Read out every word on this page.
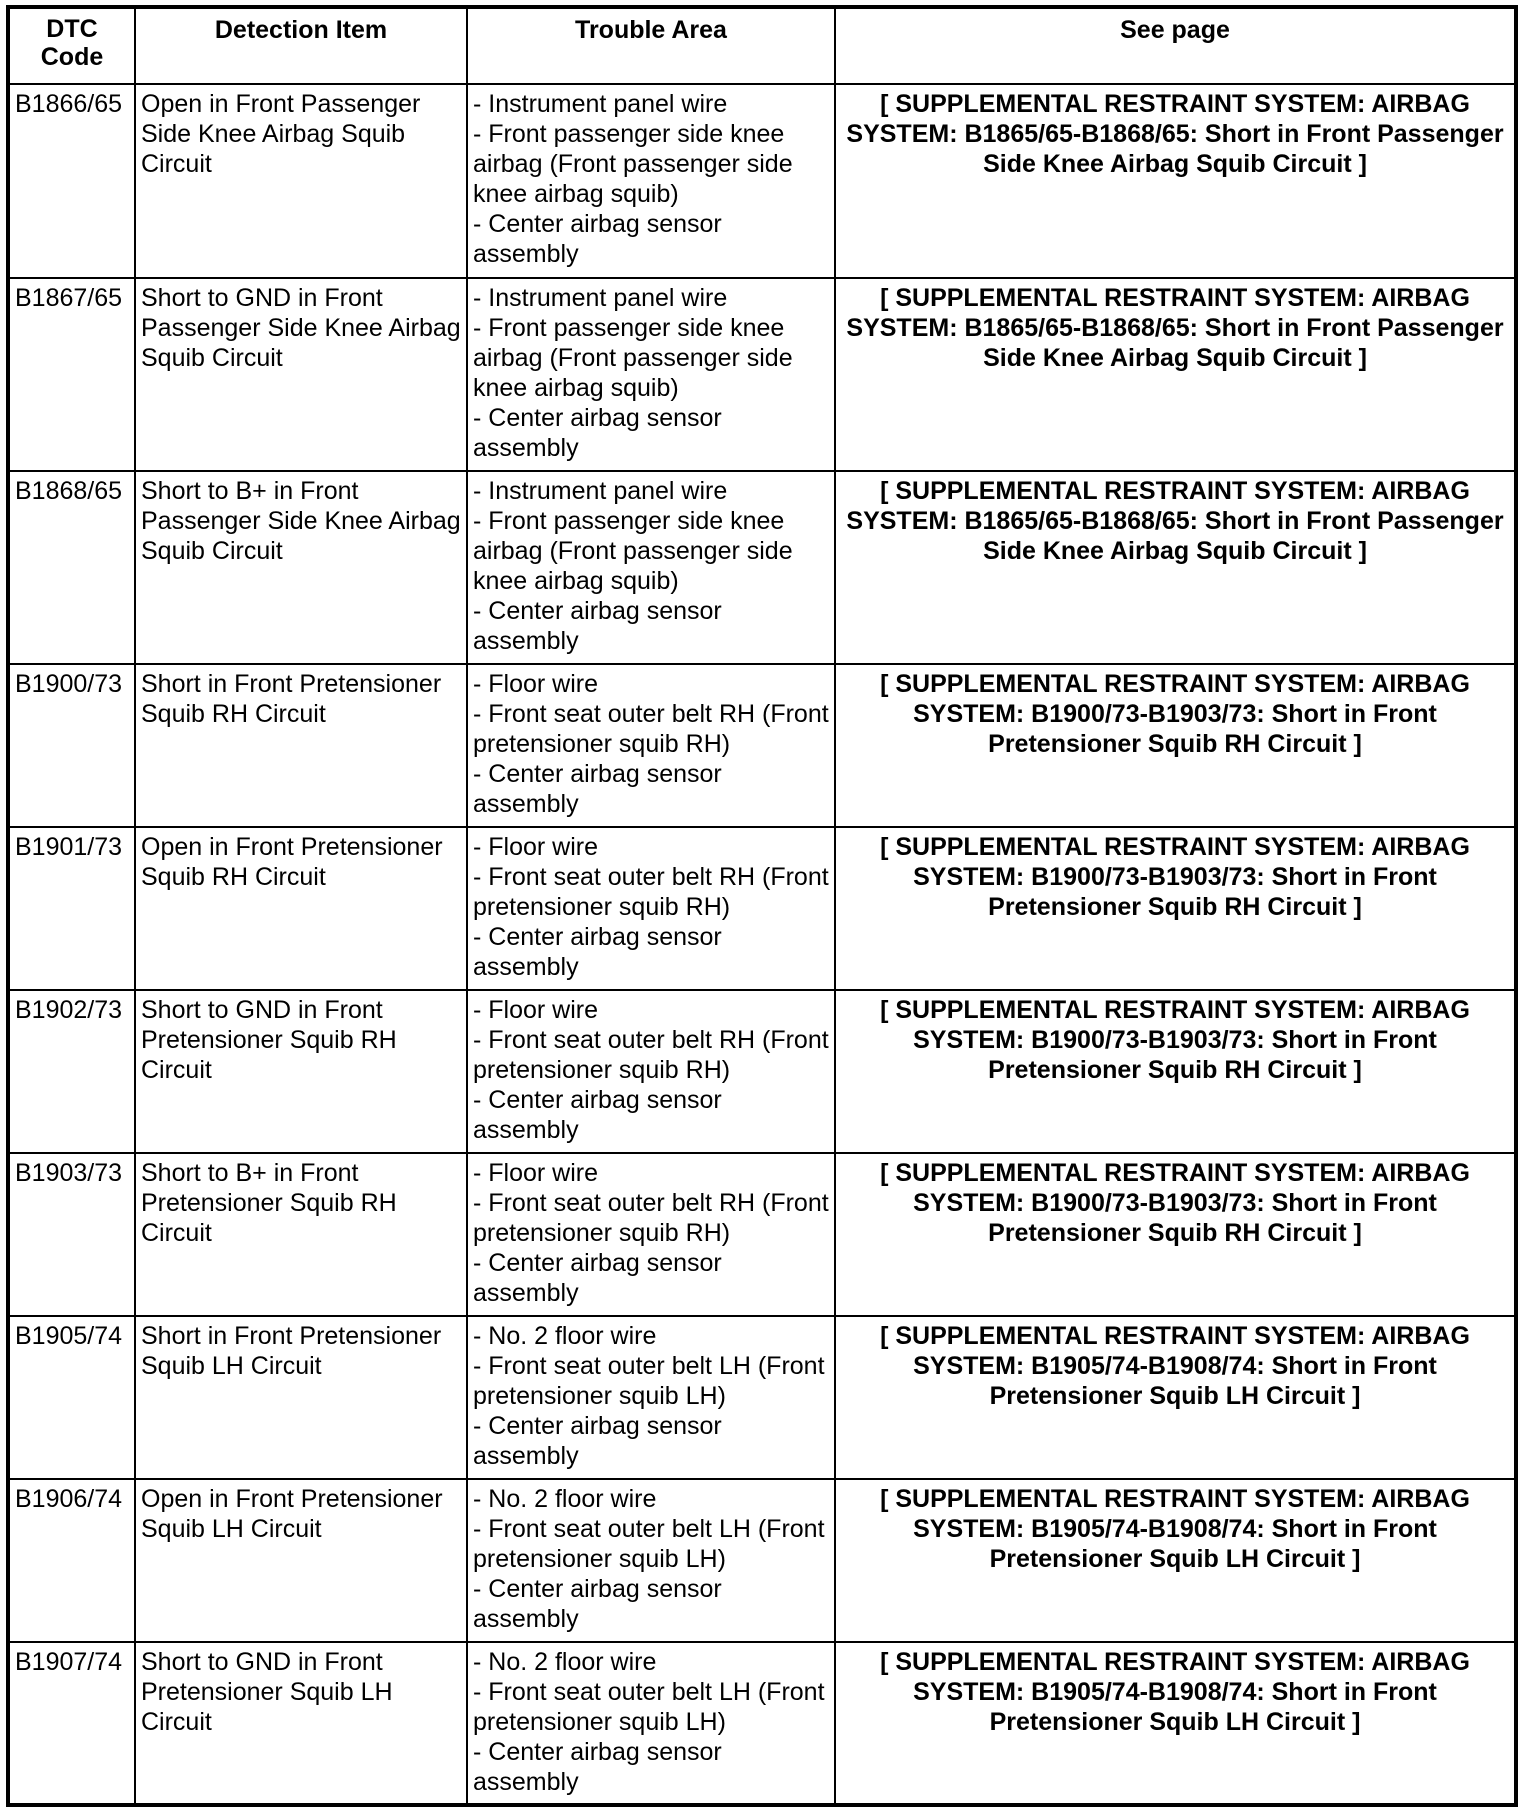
DTC Code	Detection Item	Trouble Area	See page
B1866/65	Open in Front Passenger Side Knee Airbag Squib Circuit	- Instrument panel wire
- Front passenger side knee airbag (Front passenger side knee airbag squib)
- Center airbag sensor assembly	[ SUPPLEMENTAL RESTRAINT SYSTEM: AIRBAG SYSTEM: B1865/65-B1868/65: Short in Front Passenger Side Knee Airbag Squib Circuit ]
B1867/65	Short to GND in Front Passenger Side Knee Airbag Squib Circuit	- Instrument panel wire
- Front passenger side knee airbag (Front passenger side knee airbag squib)
- Center airbag sensor assembly	[ SUPPLEMENTAL RESTRAINT SYSTEM: AIRBAG SYSTEM: B1865/65-B1868/65: Short in Front Passenger Side Knee Airbag Squib Circuit ]
B1868/65	Short to B+ in Front Passenger Side Knee Airbag Squib Circuit	- Instrument panel wire
- Front passenger side knee airbag (Front passenger side knee airbag squib)
- Center airbag sensor assembly	[ SUPPLEMENTAL RESTRAINT SYSTEM: AIRBAG SYSTEM: B1865/65-B1868/65: Short in Front Passenger Side Knee Airbag Squib Circuit ]
B1900/73	Short in Front Pretensioner Squib RH Circuit	- Floor wire
- Front seat outer belt RH (Front pretensioner squib RH)
- Center airbag sensor assembly	[ SUPPLEMENTAL RESTRAINT SYSTEM: AIRBAG SYSTEM: B1900/73-B1903/73: Short in Front Pretensioner Squib RH Circuit ]
B1901/73	Open in Front Pretensioner Squib RH Circuit	- Floor wire
- Front seat outer belt RH (Front pretensioner squib RH)
- Center airbag sensor assembly	[ SUPPLEMENTAL RESTRAINT SYSTEM: AIRBAG SYSTEM: B1900/73-B1903/73: Short in Front Pretensioner Squib RH Circuit ]
B1902/73	Short to GND in Front Pretensioner Squib RH Circuit	- Floor wire
- Front seat outer belt RH (Front pretensioner squib RH)
- Center airbag sensor assembly	[ SUPPLEMENTAL RESTRAINT SYSTEM: AIRBAG SYSTEM: B1900/73-B1903/73: Short in Front Pretensioner Squib RH Circuit ]
B1903/73	Short to B+ in Front Pretensioner Squib RH Circuit	- Floor wire
- Front seat outer belt RH (Front pretensioner squib RH)
- Center airbag sensor assembly	[ SUPPLEMENTAL RESTRAINT SYSTEM: AIRBAG SYSTEM: B1900/73-B1903/73: Short in Front Pretensioner Squib RH Circuit ]
B1905/74	Short in Front Pretensioner Squib LH Circuit	- No. 2 floor wire
- Front seat outer belt LH (Front pretensioner squib LH)
- Center airbag sensor assembly	[ SUPPLEMENTAL RESTRAINT SYSTEM: AIRBAG SYSTEM: B1905/74-B1908/74: Short in Front Pretensioner Squib LH Circuit ]
B1906/74	Open in Front Pretensioner Squib LH Circuit	- No. 2 floor wire
- Front seat outer belt LH (Front pretensioner squib LH)
- Center airbag sensor assembly	[ SUPPLEMENTAL RESTRAINT SYSTEM: AIRBAG SYSTEM: B1905/74-B1908/74: Short in Front Pretensioner Squib LH Circuit ]
B1907/74	Short to GND in Front Pretensioner Squib LH Circuit	- No. 2 floor wire
- Front seat outer belt LH (Front pretensioner squib LH)
- Center airbag sensor assembly	[ SUPPLEMENTAL RESTRAINT SYSTEM: AIRBAG SYSTEM: B1905/74-B1908/74: Short in Front Pretensioner Squib LH Circuit ]
